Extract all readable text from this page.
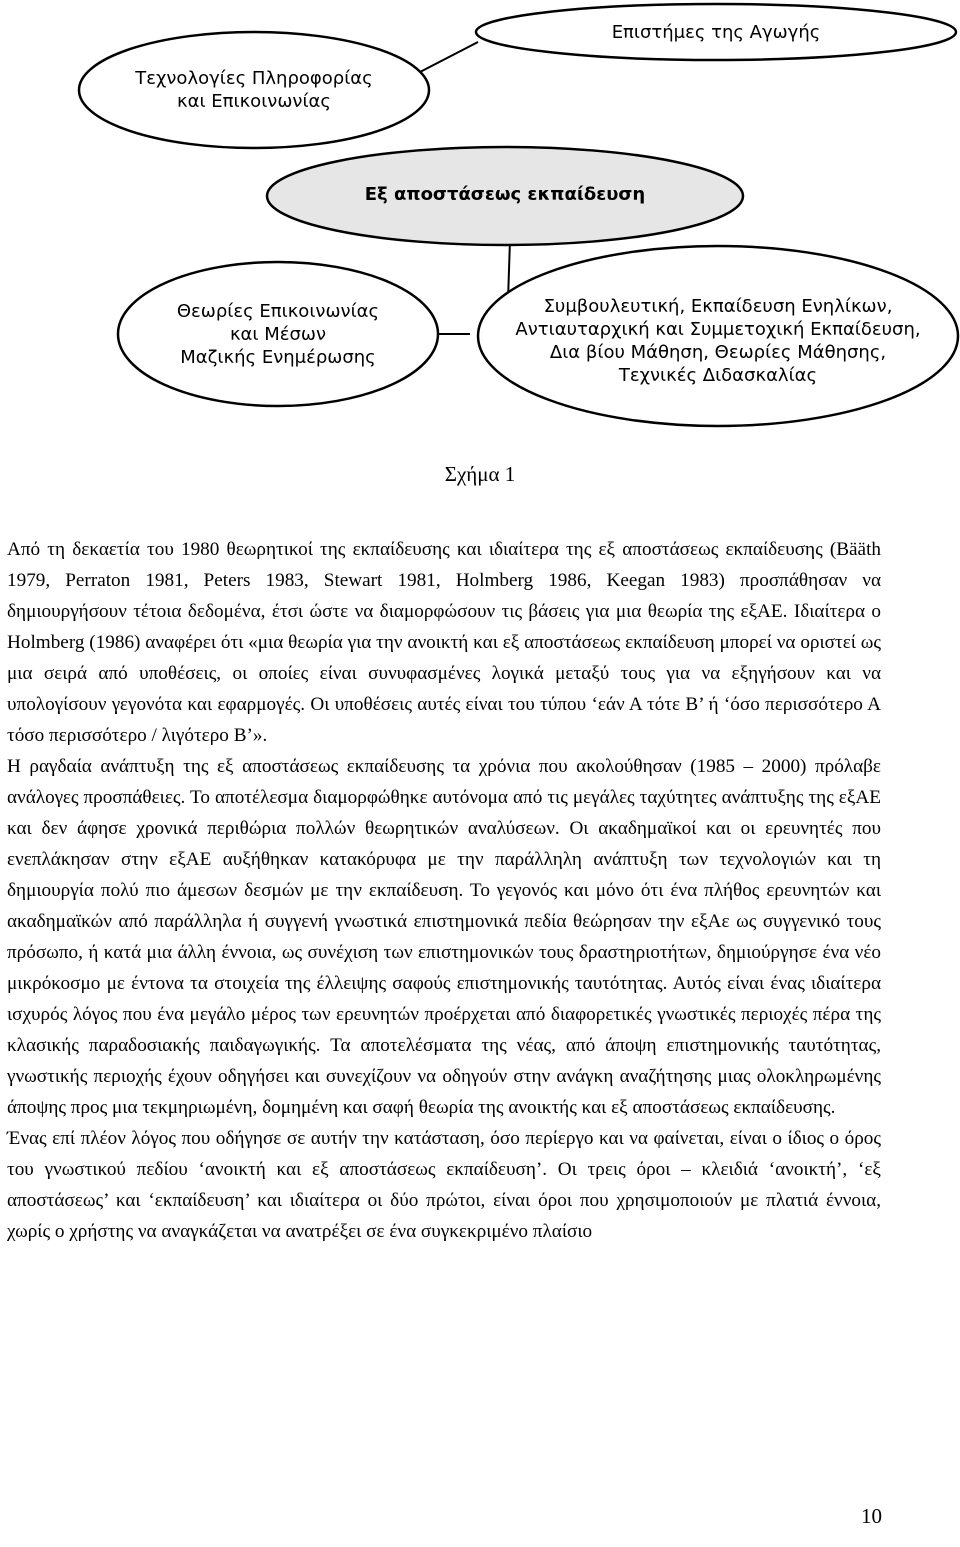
Επιστήμες της Αγωγής
Τεχνολογίες Πληροφορίας
και Επικοινωνίας
Εξ αποστάσεως εκπαίδευση
Θεωρίες Επικοινωνίας
και Μέσων
Μαζικής Ενημέρωσης
Συμβουλευτική, Εκπαίδευση Ενηλίκων,
Αντιαυταρχική και Συμμετοχική Εκπαίδευση,
Δια βίου Μάθηση, Θεωρίες Μάθησης,
Τεχνικές Διδασκαλίας
Σχήμα 1

Από τη δεκαετία του 1980 θεωρητικοί της εκπαίδευσης και ιδιαίτερα της εξ αποστάσεως εκπαίδευσης (Bääth 1979, Perraton 1981, Peters 1983, Stewart 1981, Holmberg 1986, Keegan 1983) προσπάθησαν να δημιουργήσουν τέτοια δεδομένα, έτσι ώστε να διαμορφώσουν τις βάσεις για μια θεωρία της εξΑΕ. Ιδιαίτερα ο Holmberg (1986) αναφέρει ότι «μια θεωρία για την ανοικτή και εξ αποστάσεως εκπαίδευση μπορεί να οριστεί ως μια σειρά από υποθέσεις, οι οποίες είναι συνυφασμένες λογικά μεταξύ τους για να εξηγήσουν και να υπολογίσουν γεγονότα και εφαρμογές. Οι υποθέσεις αυτές είναι του τύπου ‘εάν Α τότε Β’ ή ‘όσο περισσότερο Α τόσο περισσότερο / λιγότερο Β’».

Η ραγδαία ανάπτυξη της εξ αποστάσεως εκπαίδευσης τα χρόνια που ακολούθησαν (1985 – 2000) πρόλαβε ανάλογες προσπάθειες. Το αποτέλεσμα διαμορφώθηκε αυτόνομα από τις μεγάλες ταχύτητες ανάπτυξης της εξΑΕ και δεν άφησε χρονικά περιθώρια πολλών θεωρητικών αναλύσεων. Οι ακαδημαϊκοί και οι ερευνητές που ενεπλάκησαν στην εξΑΕ αυξήθηκαν κατακόρυφα με την παράλληλη ανάπτυξη των τεχνολογιών και τη δημιουργία πολύ πιο άμεσων δεσμών με την εκπαίδευση. Το γεγονός και μόνο ότι ένα πλήθος ερευνητών και ακαδημαϊκών από παράλληλα ή συγγενή γνωστικά επιστημονικά πεδία θεώρησαν την εξΑε ως συγγενικό τους πρόσωπο, ή κατά μια άλλη έννοια, ως συνέχιση των επιστημονικών τους δραστηριοτήτων, δημιούργησε ένα νέο μικρόκοσμο με έντονα τα στοιχεία της έλλειψης σαφούς επιστημονικής ταυτότητας. Αυτός είναι ένας ιδιαίτερα ισχυρός λόγος που ένα μεγάλο μέρος των ερευνητών προέρχεται από διαφορετικές γνωστικές περιοχές πέρα της κλασικής παραδοσιακής παιδαγωγικής. Τα αποτελέσματα της νέας, από άποψη επιστημονικής ταυτότητας, γνωστικής περιοχής έχουν οδηγήσει και συνεχίζουν να οδηγούν στην ανάγκη αναζήτησης μιας ολοκληρωμένης άποψης προς μια τεκμηριωμένη, δομημένη και σαφή θεωρία της ανοικτής και εξ αποστάσεως εκπαίδευσης.

Ένας επί πλέον λόγος που οδήγησε σε αυτήν την κατάσταση, όσο περίεργο και να φαίνεται, είναι ο ίδιος ο όρος του γνωστικού πεδίου ‘ανοικτή και εξ αποστάσεως εκπαίδευση’. Οι τρεις όροι – κλειδιά ‘ανοικτή’, ‘εξ αποστάσεως’ και ‘εκπαίδευση’ και ιδιαίτερα οι δύο πρώτοι, είναι όροι που χρησιμοποιούν με πλατιά έννοια, χωρίς ο χρήστης να αναγκάζεται να ανατρέξει σε ένα συγκεκριμένο πλαίσιο

10
